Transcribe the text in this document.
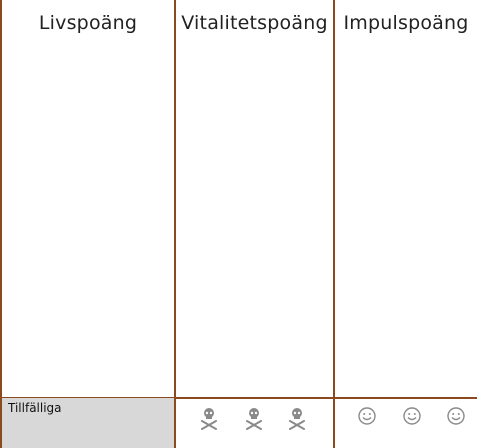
Livspoäng	Vitalitetspoäng Impulspoäng
Tillfälliga
